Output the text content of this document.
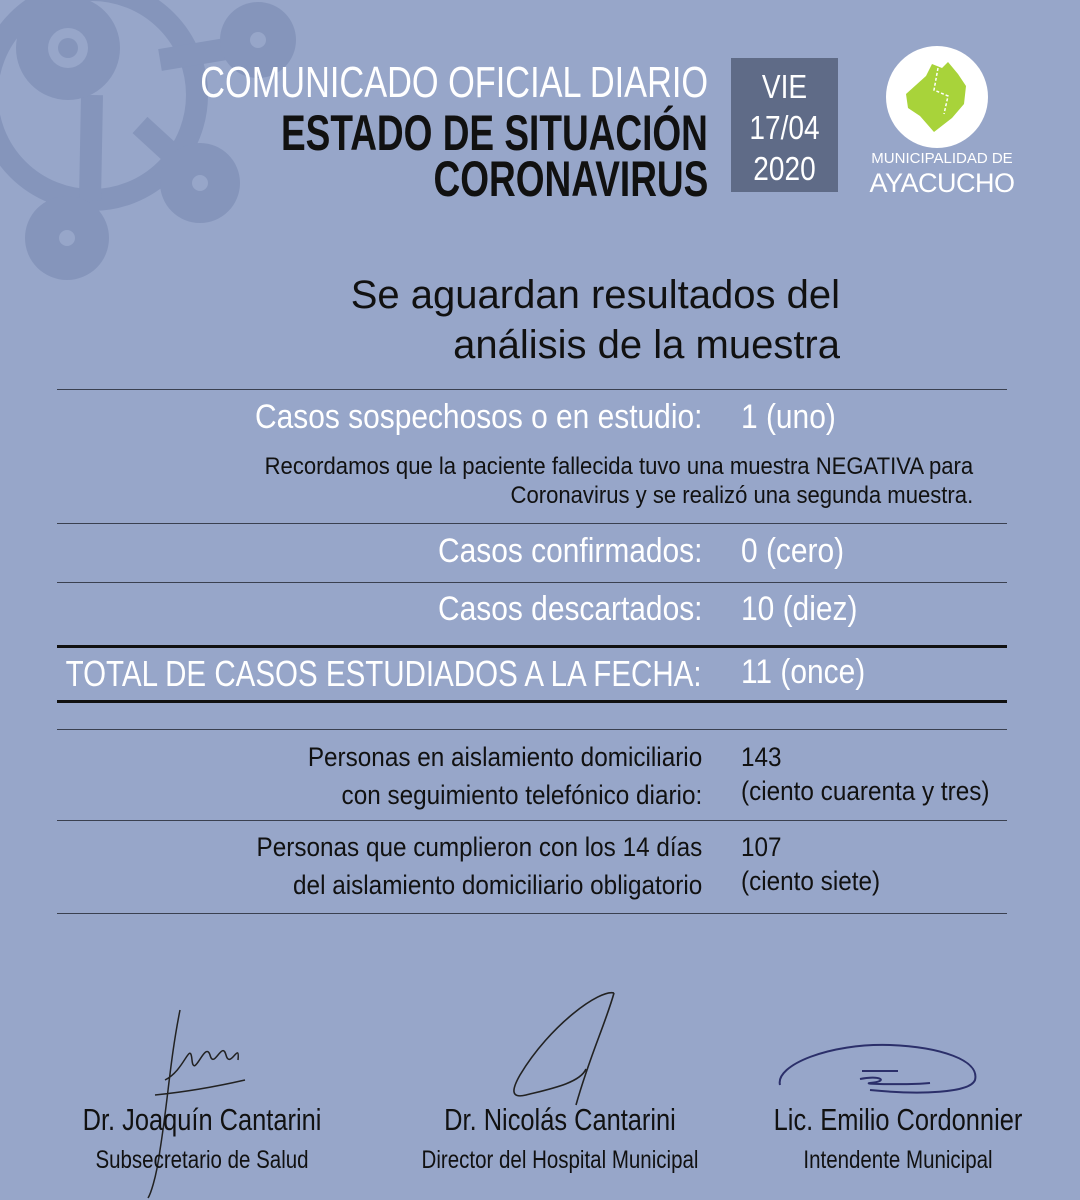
COMUNICADO OFICIAL DIARIO
ESTADO DE SITUACIÓN
CORONAVIRUS
VIE
17/04
2020	MUNICIPALIDAD DE
AYACUCHO
Se aguardan resultados del
análisis de la muestra
Casos sospechosos o en estudio: 1 (uno)
Recordamos que la paciente fallecida tuvo una muestra NEGATIVA para
Coronavirus y se realizó una segunda muestra.
Casos confirmados: 0 (cero)
Casos descartados: 10 (diez)
TOTAL DE CASOS ESTUDIADOS A LA FECHA: 11 (once)
Personas en aislamiento domiciliario
con seguimiento telefónico diario:
143
(ciento cuarenta y tres)
Personas que cumplieron con los 14 días
del aislamiento domiciliario obligatorio
107
(ciento siete)
Dr. Joaquín Cantarini
Subsecretario de Salud
Dr. Nicolás Cantarini
Director del Hospital Municipal
Lic. Emilio Cordonnier
Intendente Municipal
